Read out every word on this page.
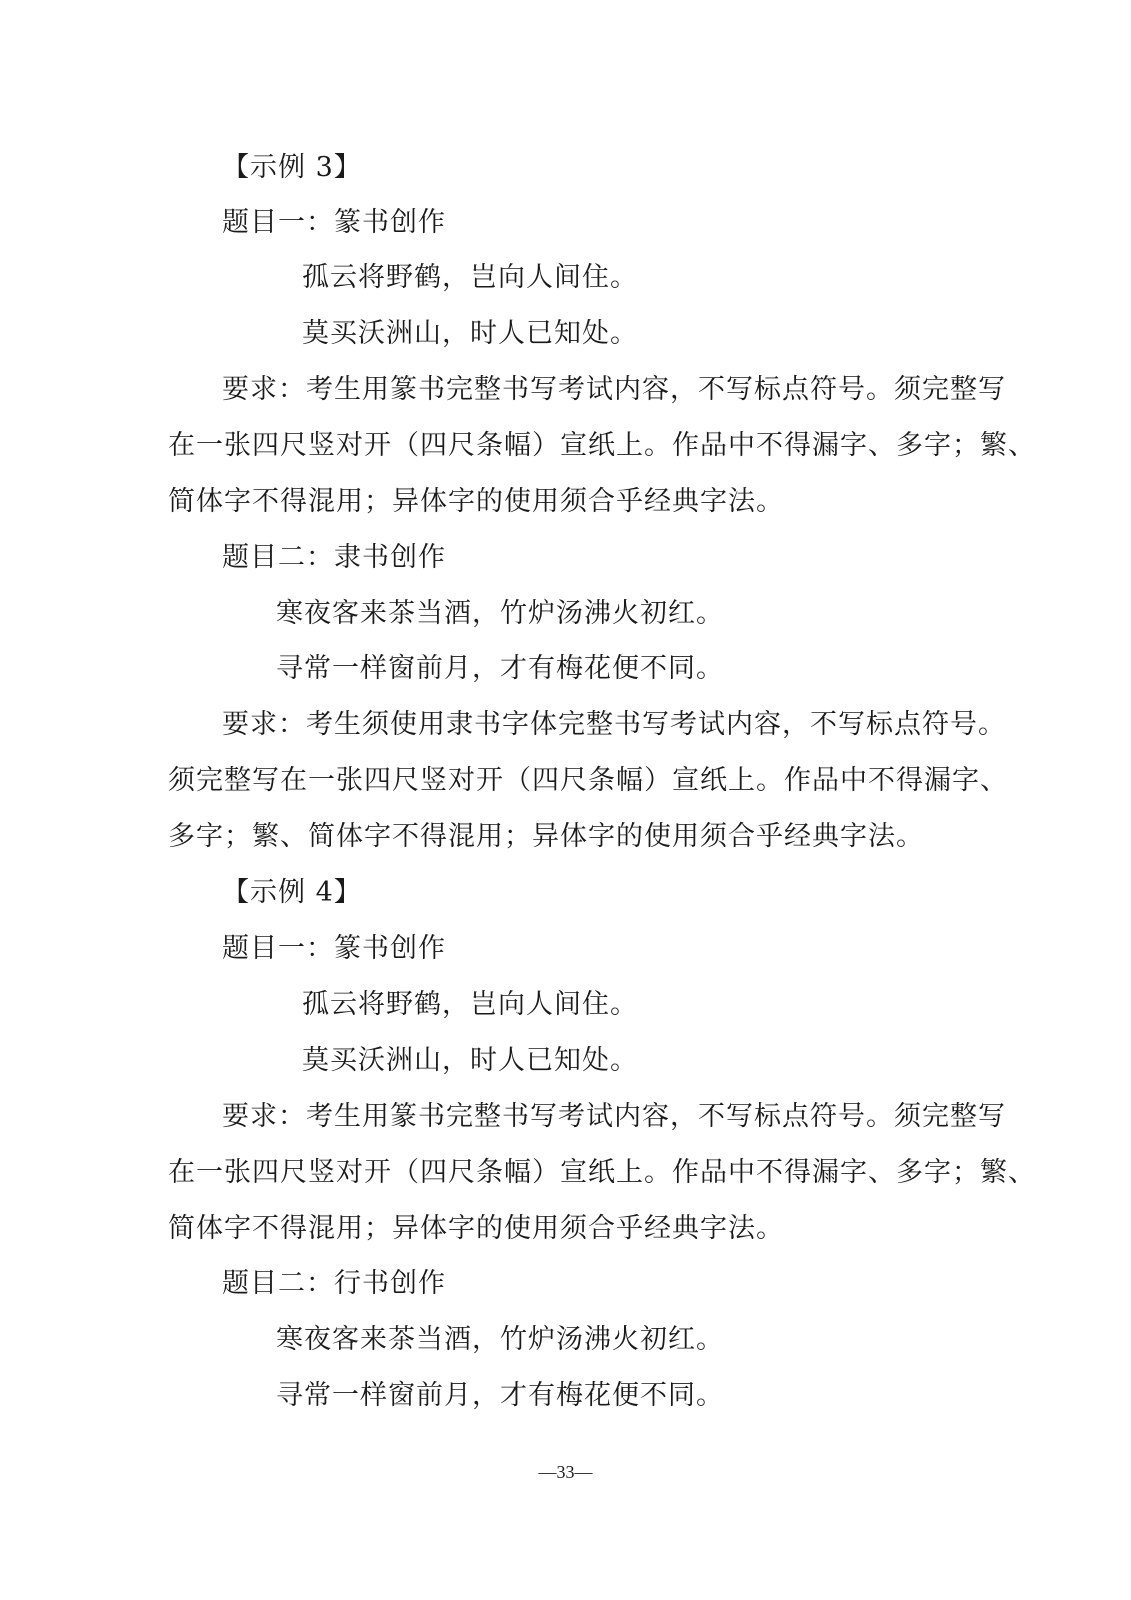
【示例 3】
题目一：篆书创作
孤云将野鹤，岂向人间住。
莫买沃洲山，时人已知处。
要求：考生用篆书完整书写考试内容，不写标点符号。须完整写
在一张四尺竖对开（四尺条幅）宣纸上。作品中不得漏字、多字；繁、
简体字不得混用；异体字的使用须合乎经典字法。
题目二：隶书创作
寒夜客来茶当酒，竹炉汤沸火初红。
寻常一样窗前月，才有梅花便不同。
要求：考生须使用隶书字体完整书写考试内容，不写标点符号。
须完整写在一张四尺竖对开（四尺条幅）宣纸上。作品中不得漏字、
多字；繁、简体字不得混用；异体字的使用须合乎经典字法。
【示例 4】
题目一：篆书创作
孤云将野鹤，岂向人间住。
莫买沃洲山，时人已知处。
要求：考生用篆书完整书写考试内容，不写标点符号。须完整写
在一张四尺竖对开（四尺条幅）宣纸上。作品中不得漏字、多字；繁、
简体字不得混用；异体字的使用须合乎经典字法。
题目二：行书创作
寒夜客来茶当酒，竹炉汤沸火初红。
寻常一样窗前月，才有梅花便不同。
—33—
